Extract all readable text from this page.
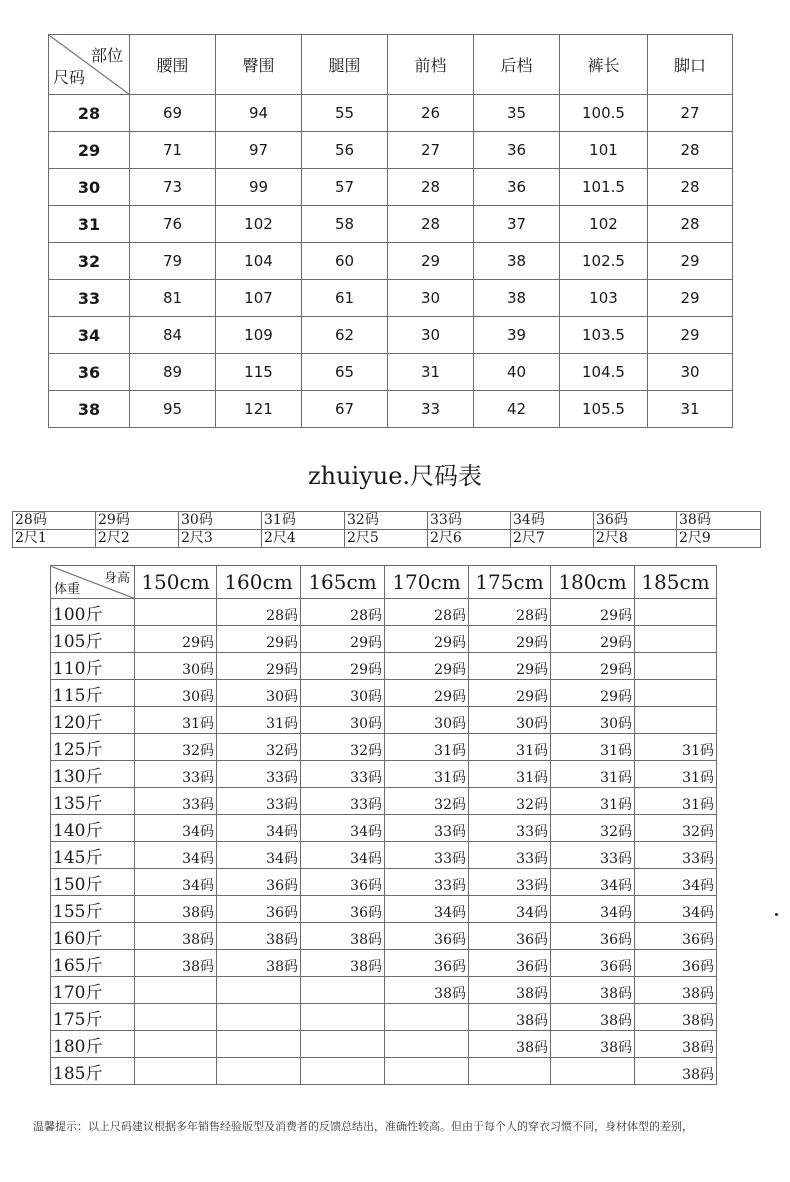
部位
尺码	腰围	臀围	腿围	前档	后档	裤长	脚口
28	69	94	55	26	35	100.5	27
29	71	97	56	27	36	101	28
30	73	99	57	28	36	101.5	28
31	76	102	58	28	37	102	28
32	79	104	60	29	38	102.5	29
33	81	107	61	30	38	103	29
34	84	109	62	30	39	103.5	29
36	89	115	65	31	40	104.5	30
38	95	121	67	33	42	105.5	31
zhuiyue.尺码表
28码	29码	30码	31码	32码	33码	34码	36码	38码
2尺1	2尺2	2尺3	2尺4	2尺5	2尺6	2尺7	2尺8	2尺9
身高
体重	150cm	160cm	165cm	170cm	175cm	180cm	185cm
100斤		28码	28码	28码	28码	29码	
105斤	29码	29码	29码	29码	29码	29码	
110斤	30码	29码	29码	29码	29码	29码	
115斤	30码	30码	30码	29码	29码	29码	
120斤	31码	31码	30码	30码	30码	30码	
125斤	32码	32码	32码	31码	31码	31码	31码
130斤	33码	33码	33码	31码	31码	31码	31码
135斤	33码	33码	33码	32码	32码	31码	31码
140斤	34码	34码	34码	33码	33码	32码	32码
145斤	34码	34码	34码	33码	33码	33码	33码
150斤	34码	36码	36码	33码	33码	34码	34码
155斤	38码	36码	36码	34码	34码	34码	34码
160斤	38码	38码	38码	36码	36码	36码	36码
165斤	38码	38码	38码	36码	36码	36码	36码
170斤				38码	38码	38码	38码
175斤					38码	38码	38码
180斤					38码	38码	38码
185斤							38码
温馨提示：以上尺码建议根据多年销售经验版型及消费者的反馈总结出，准确性较高。但由于每个人的穿衣习惯不同，身材体型的差别，
